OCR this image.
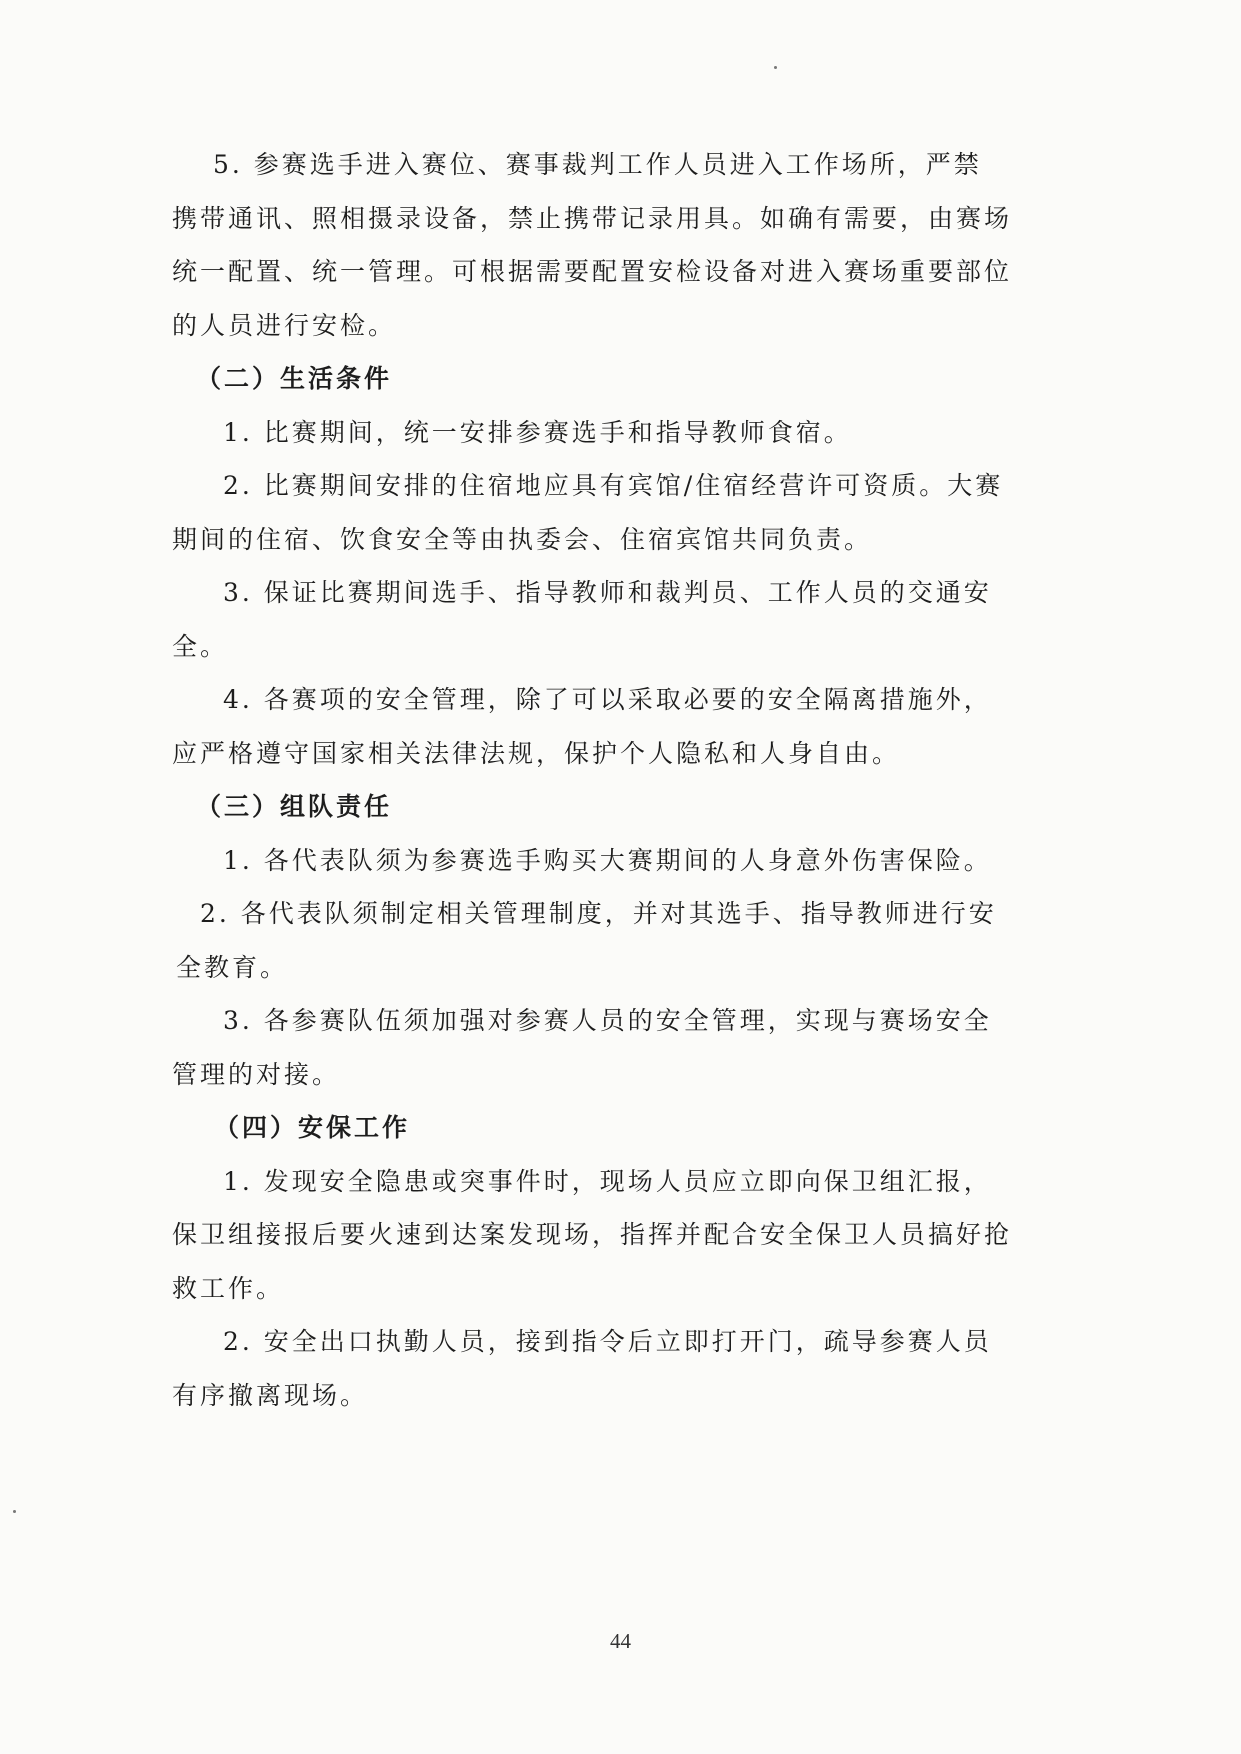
5. 参赛选手进入赛位、赛事裁判工作人员进入工作场所，严禁
携带通讯、照相摄录设备，禁止携带记录用具。如确有需要，由赛场
统一配置、统一管理。可根据需要配置安检设备对进入赛场重要部位
的人员进行安检。
（二）生活条件
1. 比赛期间，统一安排参赛选手和指导教师食宿。
2. 比赛期间安排的住宿地应具有宾馆/住宿经营许可资质。大赛
期间的住宿、饮食安全等由执委会、住宿宾馆共同负责。
3. 保证比赛期间选手、指导教师和裁判员、工作人员的交通安
全。
4. 各赛项的安全管理，除了可以采取必要的安全隔离措施外，
应严格遵守国家相关法律法规，保护个人隐私和人身自由。
（三）组队责任
1. 各代表队须为参赛选手购买大赛期间的人身意外伤害保险。
2. 各代表队须制定相关管理制度，并对其选手、指导教师进行安
全教育。
3. 各参赛队伍须加强对参赛人员的安全管理，实现与赛场安全
管理的对接。
（四）安保工作
1. 发现安全隐患或突事件时，现场人员应立即向保卫组汇报，
保卫组接报后要火速到达案发现场，指挥并配合安全保卫人员搞好抢
救工作。
2. 安全出口执勤人员，接到指令后立即打开门，疏导参赛人员
有序撤离现场。
44
